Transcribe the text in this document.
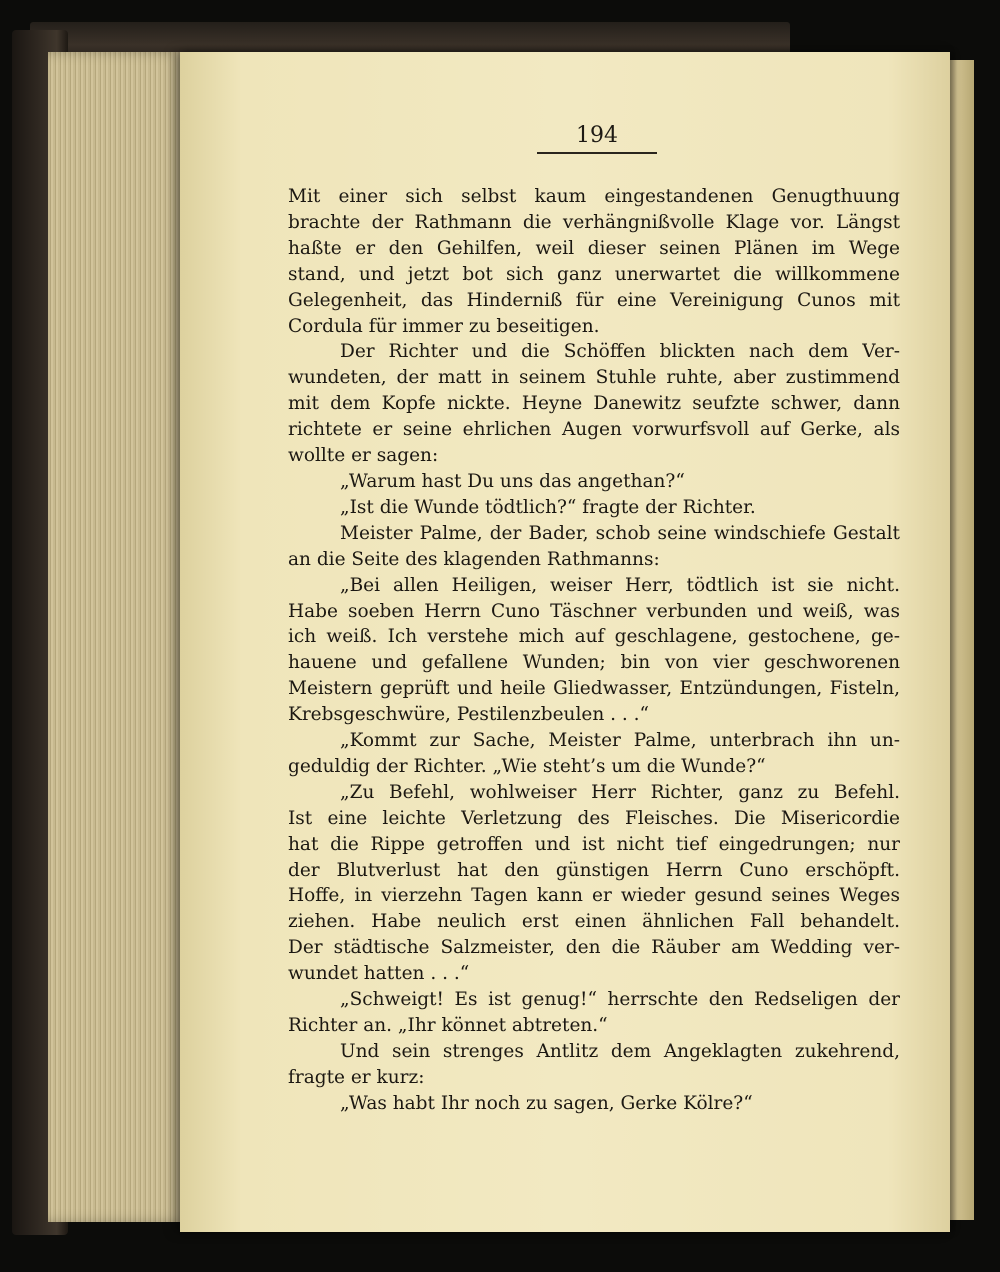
194
Mit einer sich selbst kaum eingestandenen Genugthuung
brachte der Rathmann die verhängnißvolle Klage vor. Längst
haßte er den Gehilfen, weil dieser seinen Plänen im Wege
stand, und jetzt bot sich ganz unerwartet die willkommene
Gelegenheit, das Hinderniß für eine Vereinigung Cunos mit
Cordula für immer zu beseitigen.
Der Richter und die Schöffen blickten nach dem Ver-
wundeten, der matt in seinem Stuhle ruhte, aber zustimmend
mit dem Kopfe nickte. Heyne Danewitz seufzte schwer, dann
richtete er seine ehrlichen Augen vorwurfsvoll auf Gerke, als
wollte er sagen:
„Warum hast Du uns das angethan?“
„Ist die Wunde tödtlich?“ fragte der Richter.
Meister Palme, der Bader, schob seine windschiefe Gestalt
an die Seite des klagenden Rathmanns:
„Bei allen Heiligen, weiser Herr, tödtlich ist sie nicht.
Habe soeben Herrn Cuno Täschner verbunden und weiß, was
ich weiß. Ich verstehe mich auf geschlagene, gestochene, ge-
hauene und gefallene Wunden; bin von vier geschworenen
Meistern geprüft und heile Gliedwasser, Entzündungen, Fisteln,
Krebsgeschwüre, Pestilenzbeulen . . .“
„Kommt zur Sache, Meister Palme, unterbrach ihn un-
geduldig der Richter. „Wie steht’s um die Wunde?“
„Zu Befehl, wohlweiser Herr Richter, ganz zu Befehl.
Ist eine leichte Verletzung des Fleisches. Die Misericordie
hat die Rippe getroffen und ist nicht tief eingedrungen; nur
der Blutverlust hat den günstigen Herrn Cuno erschöpft.
Hoffe, in vierzehn Tagen kann er wieder gesund seines Weges
ziehen. Habe neulich erst einen ähnlichen Fall behandelt.
Der städtische Salzmeister, den die Räuber am Wedding ver-
wundet hatten . . .“
„Schweigt! Es ist genug!“ herrschte den Redseligen der
Richter an. „Ihr könnet abtreten.“
Und sein strenges Antlitz dem Angeklagten zukehrend,
fragte er kurz:
„Was habt Ihr noch zu sagen, Gerke Kölre?“
